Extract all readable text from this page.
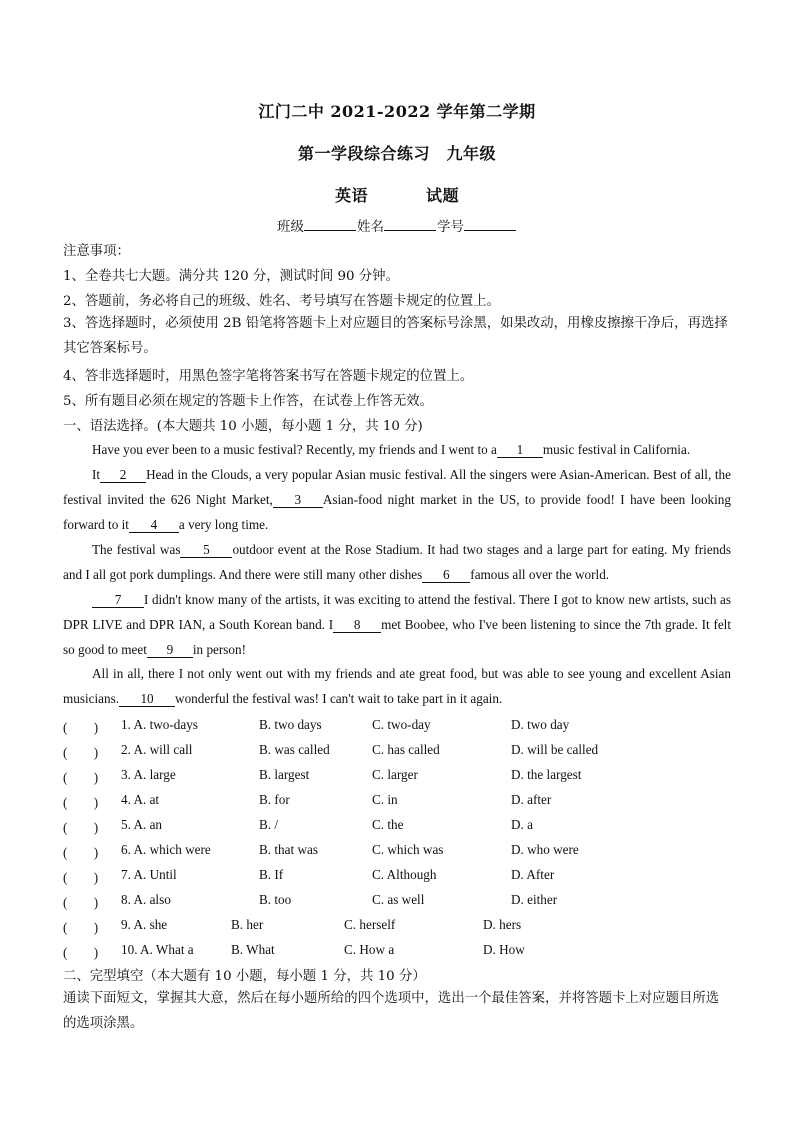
江门二中 2021-2022 学年第二学期
第一学段综合练习　九年级
英语	试题
班级	姓名	学号
注意事项：
1、全卷共七大题。满分共 120 分，测试时间 90 分钟。
2、答题前，务必将自己的班级、姓名、考号填写在答题卡规定的位置上。
3、答选择题时，必须使用 2B 铅笔将答题卡上对应题目的答案标号涂黑，如果改动，用橡皮擦擦干净后，再选择其它答案标号。
4、答非选择题时，用黑色签字笔将答案书写在答题卡规定的位置上。
5、所有题目必须在规定的答题卡上作答，在试卷上作答无效。
一、语法选择。(本大题共 10 小题，每小题 1 分，共 10 分)
Have you ever been to a music festival? Recently, my friends and I went to a 1 music festival in California.
It 2 Head in the Clouds, a very popular Asian music festival. All the singers were Asian-American. Best of all, the festival invited the 626 Night Market, 3 Asian-food night market in the US, to provide food! I have been looking forward to it 4 a very long time.
The festival was 5 outdoor event at the Rose Stadium. It had two stages and a large part for eating. My friends and I all got pork dumplings. And there were still many other dishes 6 famous all over the world.
7 I didn't know many of the artists, it was exciting to attend the festival. There I got to know new artists, such as DPR LIVE and DPR IAN, a South Korean band. I 8 met Boobee, who I've been listening to since the 7th grade. It felt so good to meet 9 in person!
All in all, there I not only went out with my friends and ate great food, but was able to see young and excellent Asian musicians. 10 wonderful the festival was! I can't wait to take part in it again.
(　　) 1. A. two-days	B. two days	C. two-day	D. two day
(　　) 2. A. will call	B. was called	C. has called	D. will be called
(　　) 3. A. large	B. largest	C. larger	D. the largest
(　　) 4. A. at	B. for	C. in	D. after
(　　) 5. A. an	B. /	C. the	D. a
(　　) 6. A. which were	B. that was	C. which was	D. who were
(　　) 7. A. Until	B. If	C. Although	D. After
(　　) 8. A. also	B. too	C. as well	D. either
(　　) 9. A. she	B. her	C. herself	D. hers
(　　) 10. A. What a	B. What	C. How a	D. How
二、完型填空（本大题有 10 小题，每小题 1 分，共 10 分）
通读下面短文，掌握其大意，然后在每小题所给的四个选项中，选出一个最佳答案，并将答题卡上对应题目所选的选项涂黑。
